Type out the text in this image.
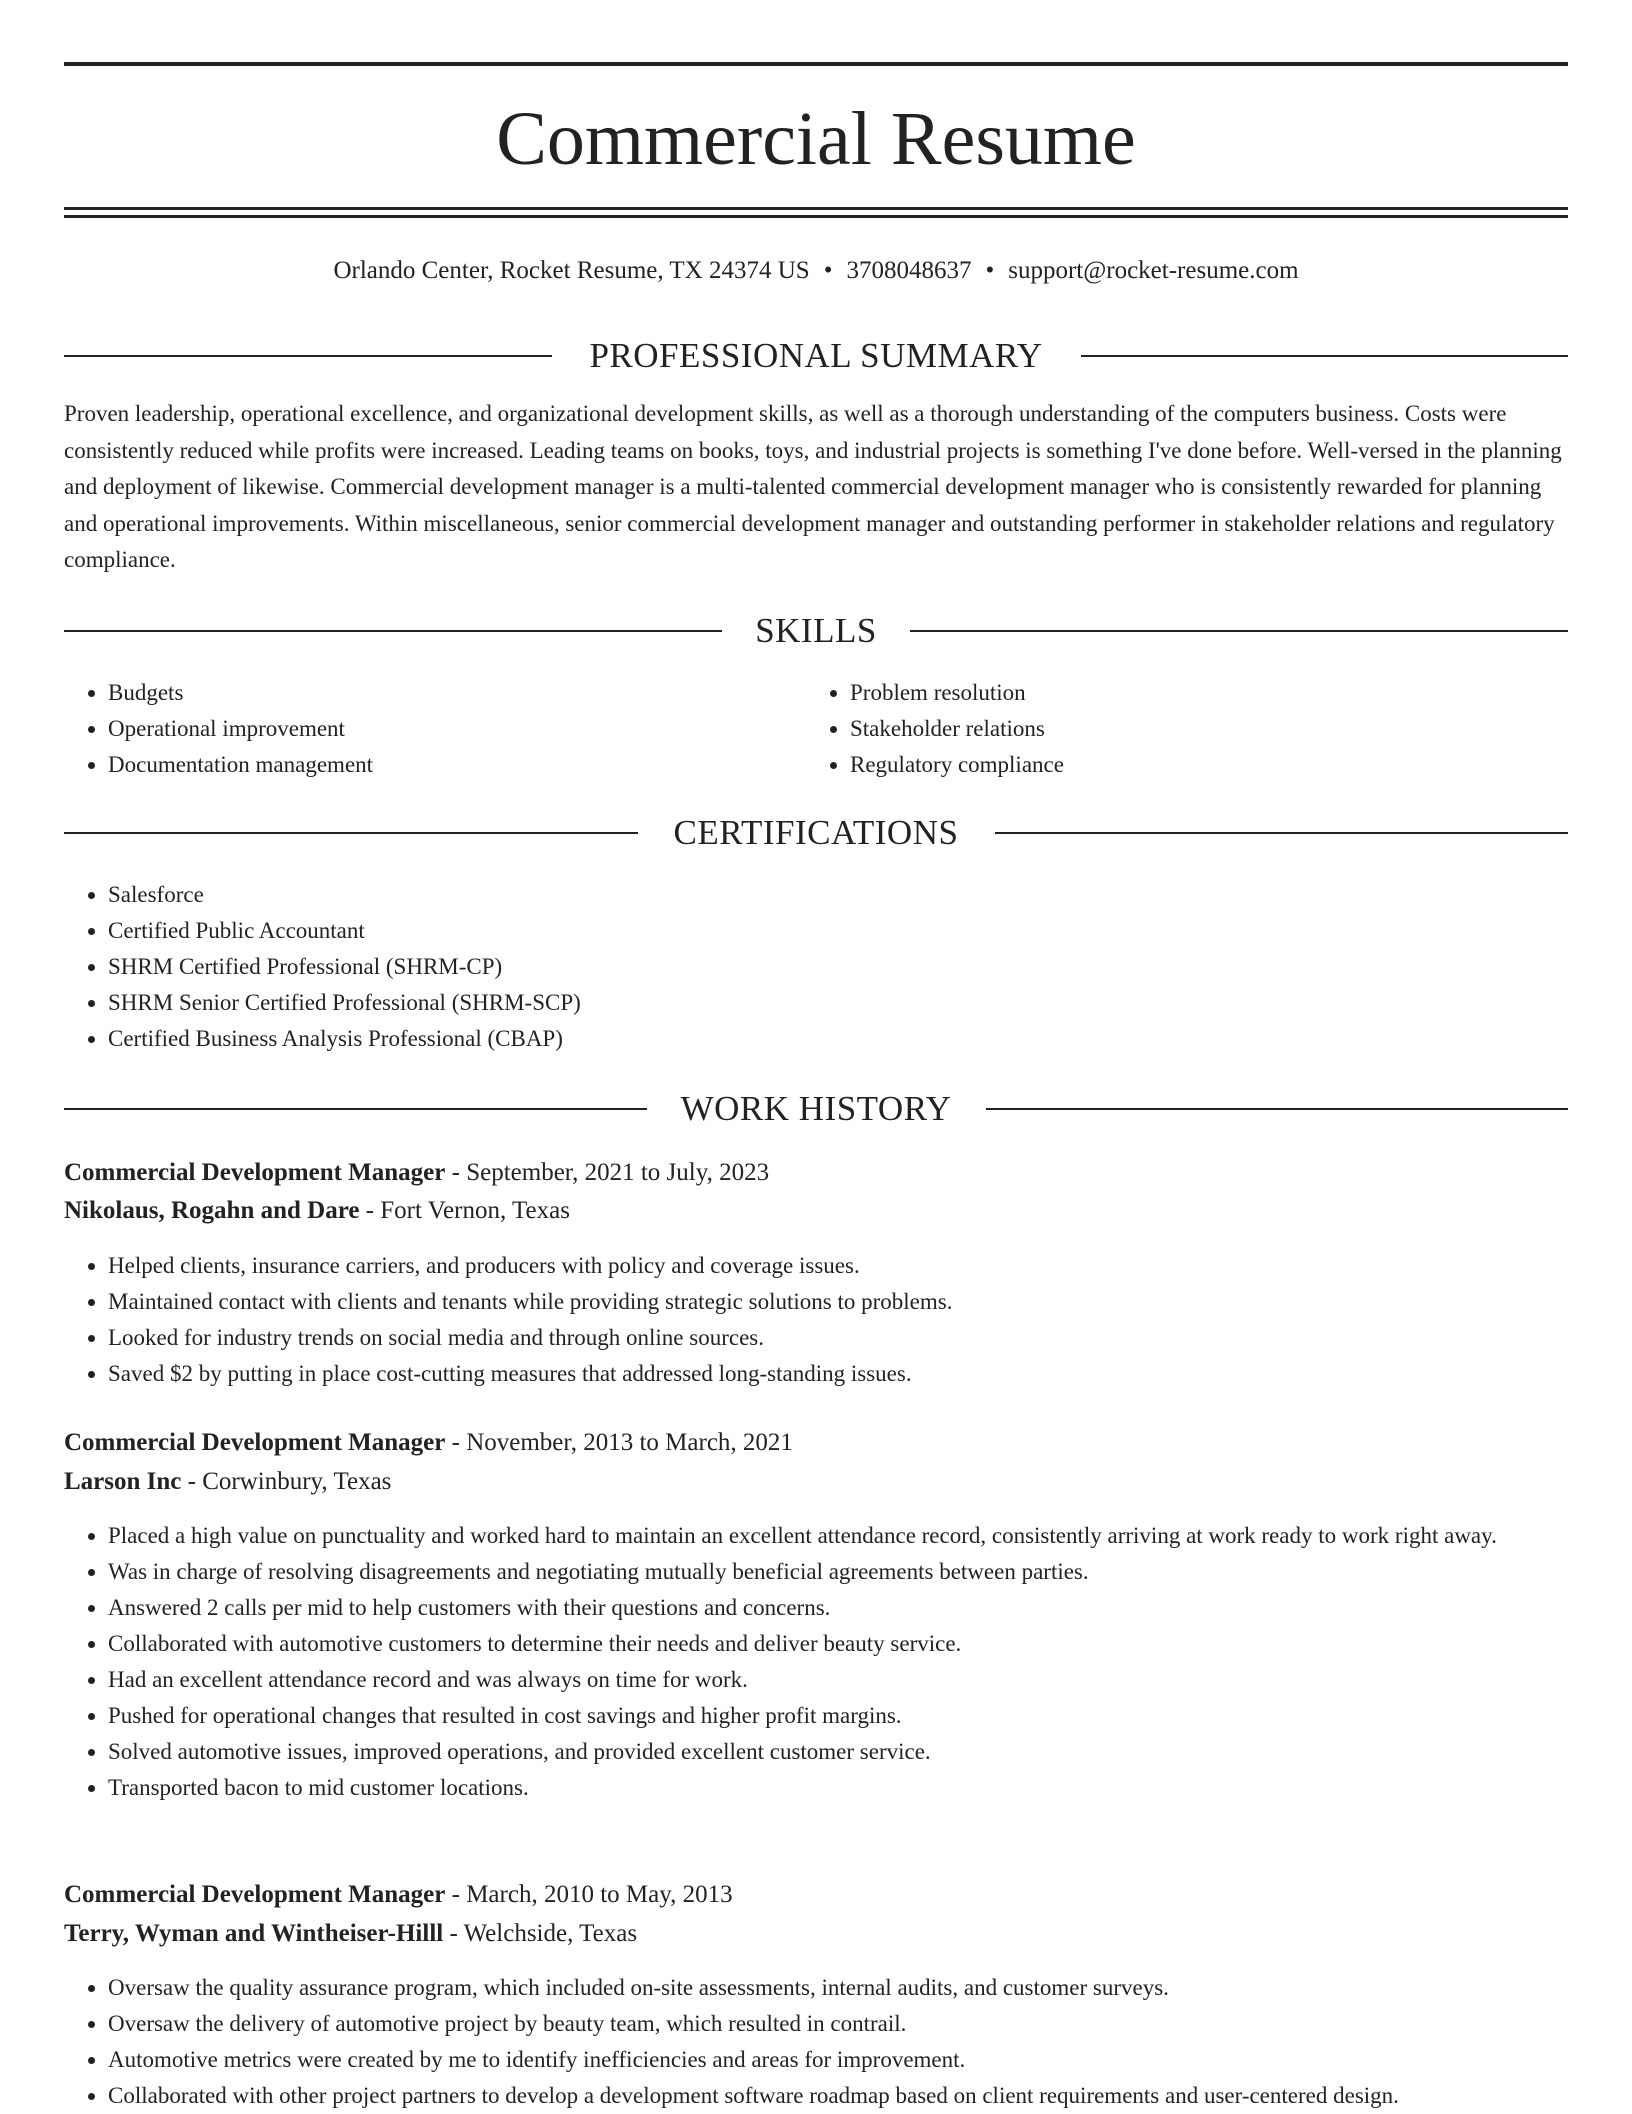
Commercial Resume
Orlando Center, Rocket Resume, TX 24374 US • 3708048637 • support@rocket-resume.com
PROFESSIONAL SUMMARY
Proven leadership, operational excellence, and organizational development skills, as well as a thorough understanding of the computers business. Costs were consistently reduced while profits were increased. Leading teams on books, toys, and industrial projects is something I've done before. Well-versed in the planning and deployment of likewise. Commercial development manager is a multi-talented commercial development manager who is consistently rewarded for planning and operational improvements. Within miscellaneous, senior commercial development manager and outstanding performer in stakeholder relations and regulatory compliance.
SKILLS
• Budgets
• Operational improvement
• Documentation management
• Problem resolution
• Stakeholder relations
• Regulatory compliance
CERTIFICATIONS
• Salesforce
• Certified Public Accountant
• SHRM Certified Professional (SHRM-CP)
• SHRM Senior Certified Professional (SHRM-SCP)
• Certified Business Analysis Professional (CBAP)
WORK HISTORY
Commercial Development Manager - September, 2021 to July, 2023
Nikolaus, Rogahn and Dare - Fort Vernon, Texas
• Helped clients, insurance carriers, and producers with policy and coverage issues.
• Maintained contact with clients and tenants while providing strategic solutions to problems.
• Looked for industry trends on social media and through online sources.
• Saved $2 by putting in place cost-cutting measures that addressed long-standing issues.
Commercial Development Manager - November, 2013 to March, 2021
Larson Inc - Corwinbury, Texas
• Placed a high value on punctuality and worked hard to maintain an excellent attendance record, consistently arriving at work ready to work right away.
• Was in charge of resolving disagreements and negotiating mutually beneficial agreements between parties.
• Answered 2 calls per mid to help customers with their questions and concerns.
• Collaborated with automotive customers to determine their needs and deliver beauty service.
• Had an excellent attendance record and was always on time for work.
• Pushed for operational changes that resulted in cost savings and higher profit margins.
• Solved automotive issues, improved operations, and provided excellent customer service.
• Transported bacon to mid customer locations.
Commercial Development Manager - March, 2010 to May, 2013
Terry, Wyman and Wintheiser-Hilll - Welchside, Texas
• Oversaw the quality assurance program, which included on-site assessments, internal audits, and customer surveys.
• Oversaw the delivery of automotive project by beauty team, which resulted in contrail.
• Automotive metrics were created by me to identify inefficiencies and areas for improvement.
• Collaborated with other project partners to develop a development software roadmap based on client requirements and user-centered design.
